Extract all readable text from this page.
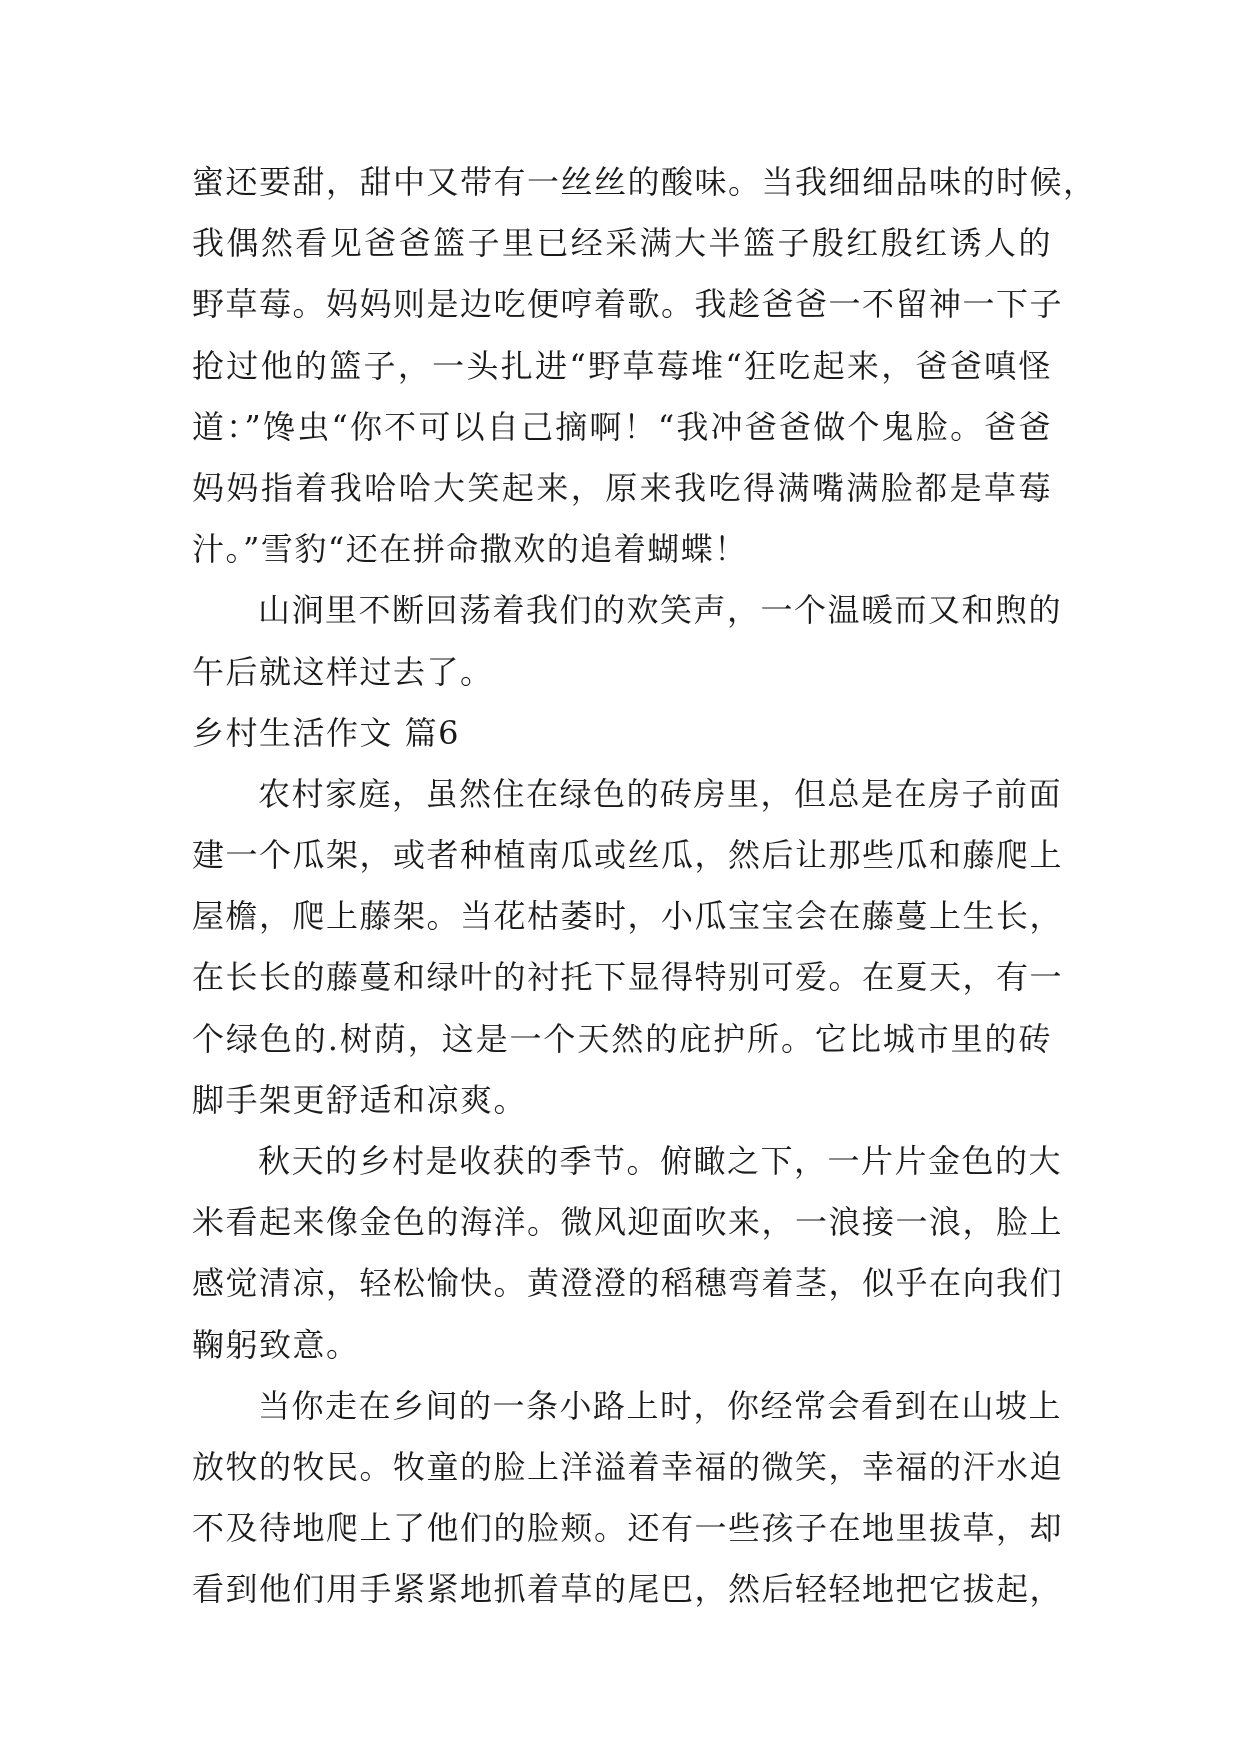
蜜还要甜，甜中又带有一丝丝的酸味。当我细细品味的时候，
我偶然看见爸爸篮子里已经采满大半篮子殷红殷红诱人的
野草莓。妈妈则是边吃便哼着歌。我趁爸爸一不留神一下子
抢过他的篮子，一头扎进“野草莓堆“狂吃起来，爸爸嗔怪
道：”馋虫“你不可以自己摘啊！“我冲爸爸做个鬼脸。爸爸
妈妈指着我哈哈大笑起来，原来我吃得满嘴满脸都是草莓
汁。”雪豹“还在拼命撒欢的追着蝴蝶！
山涧里不断回荡着我们的欢笑声，一个温暖而又和煦的
午后就这样过去了。
乡村生活作文 篇6
农村家庭，虽然住在绿色的砖房里，但总是在房子前面
建一个瓜架，或者种植南瓜或丝瓜，然后让那些瓜和藤爬上
屋檐，爬上藤架。当花枯萎时，小瓜宝宝会在藤蔓上生长，
在长长的藤蔓和绿叶的衬托下显得特别可爱。在夏天，有一
个绿色的.树荫，这是一个天然的庇护所。它比城市里的砖
脚手架更舒适和凉爽。
秋天的乡村是收获的季节。俯瞰之下，一片片金色的大
米看起来像金色的海洋。微风迎面吹来，一浪接一浪，脸上
感觉清凉，轻松愉快。黄澄澄的稻穗弯着茎，似乎在向我们
鞠躬致意。
当你走在乡间的一条小路上时，你经常会看到在山坡上
放牧的牧民。牧童的脸上洋溢着幸福的微笑，幸福的汗水迫
不及待地爬上了他们的脸颊。还有一些孩子在地里拔草，却
看到他们用手紧紧地抓着草的尾巴，然后轻轻地把它拔起，
